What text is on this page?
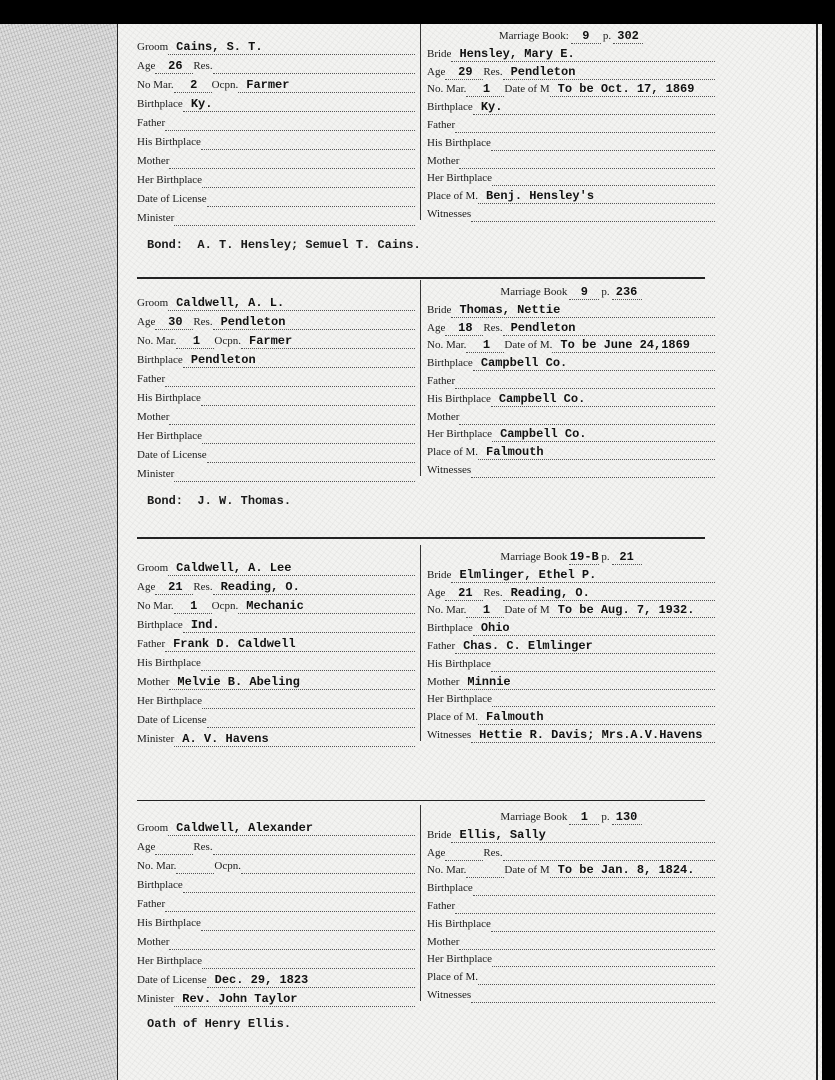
Groom Cains, S. T.
Age 26 Res.
No Mar. 2 Ocpn. Farmer
Birthplace Ky.
Father
His Birthplace
Mother
Her Birthplace
Date of License
Minister
Marriage Book: 9 p. 302
Bride Hensley, Mary E.
Age 29 Res. Pendleton
No. Mar. 1 Date of M To be Oct. 17, 1869
Birthplace Ky.
Father
His Birthplace
Mother
Her Birthplace
Place of M. Benj. Hensley's
Witnesses
Bond:  A. T. Hensley; Semuel T. Cains.
Groom Caldwell, A. L.
Age 30 Res. Pendleton
No. Mar. 1 Ocpn. Farmer
Birthplace Pendleton
Father
His Birthplace
Mother
Her Birthplace
Date of License
Minister
Marriage Book 9 p. 236
Bride Thomas, Nettie
Age 18 Res. Pendleton
No. Mar. 1 Date of M. To be June 24,1869
Birthplace Campbell Co.
Father
His Birthplace Campbell Co.
Mother
Her Birthplace Campbell Co.
Place of M. Falmouth
Witnesses
Bond:  J. W. Thomas.
Groom Caldwell, A. Lee
Age 21 Res. Reading, O.
No Mar. 1 Ocpn. Mechanic
Birthplace Ind.
Father Frank D. Caldwell
His Birthplace
Mother Melvie B. Abeling
Her Birthplace
Date of License
Minister A. V. Havens
Marriage Book 19-B p. 21
Bride Elmlinger, Ethel P.
Age 21 Res. Reading, O.
No. Mar. 1 Date of M To be Aug. 7, 1932.
Birthplace Ohio
Father Chas. C. Elmlinger
His Birthplace
Mother Minnie
Her Birthplace
Place of M. Falmouth
Witnesses Hettie R. Davis; Mrs.A.V.Havens
Groom Caldwell, Alexander
Age	Res.
No. Mar.	Ocpn.
Birthplace
Father
His Birthplace
Mother
Her Birthplace
Date of License Dec. 29, 1823
Minister Rev. John Taylor
Marriage Book 1 p. 130
Bride Ellis, Sally
Age	Res.
No. Mar.	Date of M To be Jan. 8, 1824.
Birthplace
Father
His Birthplace
Mother
Her Birthplace
Place of M.
Witnesses
Oath of Henry Ellis.
